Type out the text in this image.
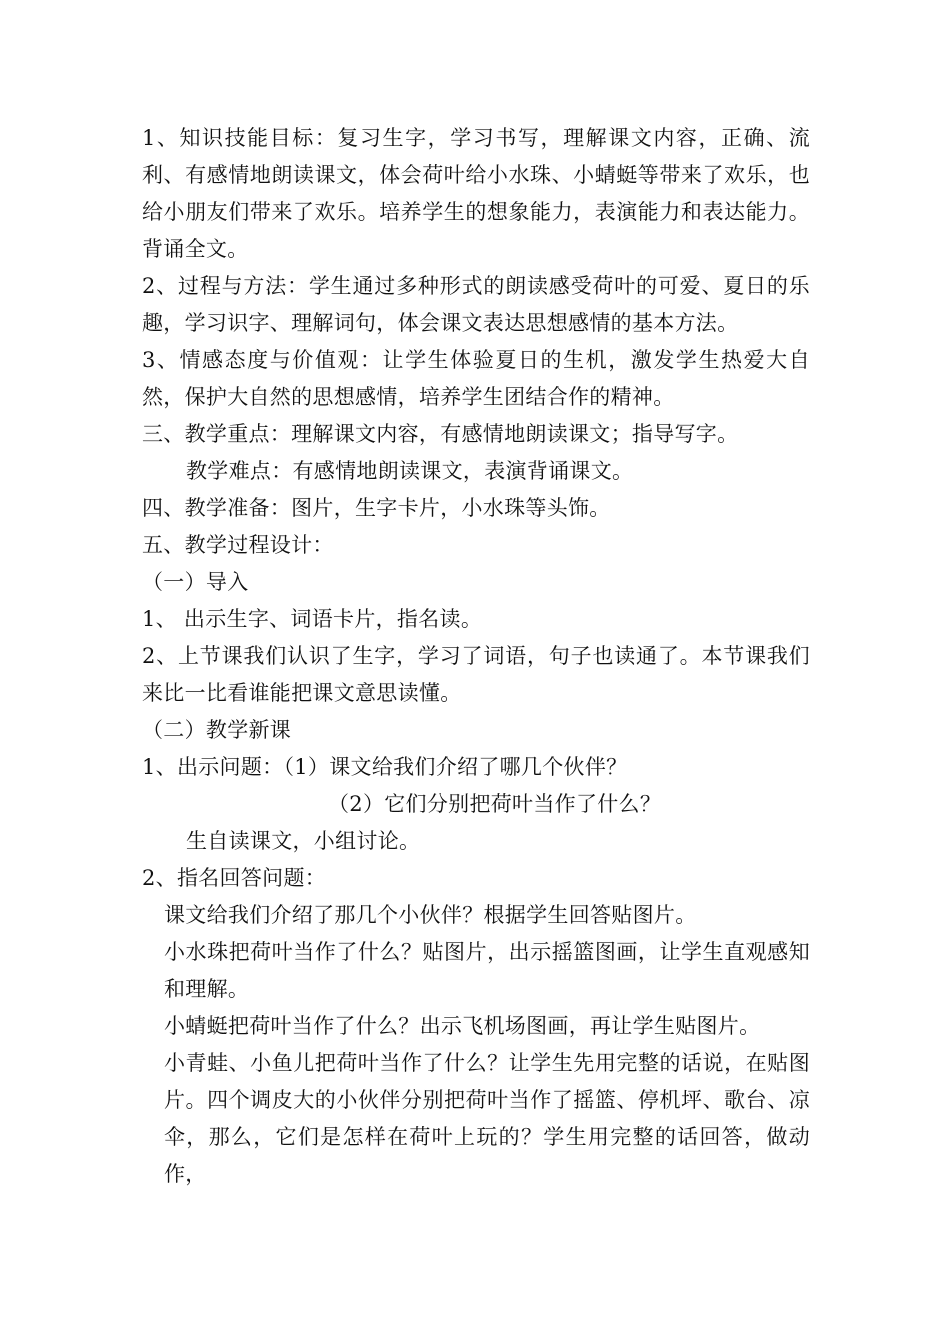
1、知识技能目标：复习生字，学习书写，理解课文内容，正确、流利、有感情地朗读课文，体会荷叶给小水珠、小蜻蜓等带来了欢乐，也给小朋友们带来了欢乐。培养学生的想象能力，表演能力和表达能力。背诵全文。

2、过程与方法：学生通过多种形式的朗读感受荷叶的可爱、夏日的乐趣，学习识字、理解词句，体会课文表达思想感情的基本方法。

3、情感态度与价值观：让学生体验夏日的生机，激发学生热爱大自然，保护大自然的思想感情，培养学生团结合作的精神。

三、教学重点：理解课文内容，有感情地朗读课文；指导写字。

教学难点：有感情地朗读课文，表演背诵课文。

四、教学准备：图片，生字卡片，小水珠等头饰。

五、教学过程设计：

（一）导入

1、 出示生字、词语卡片，指名读。

2、上节课我们认识了生字，学习了词语，句子也读通了。本节课我们来比一比看谁能把课文意思读懂。

（二）教学新课

1、出示问题：（1）课文给我们介绍了哪几个伙伴？

（2）它们分别把荷叶当作了什么？

生自读课文，小组讨论。

2、指名回答问题：

课文给我们介绍了那几个小伙伴？根据学生回答贴图片。

小水珠把荷叶当作了什么？贴图片，出示摇篮图画，让学生直观感知和理解。

小蜻蜓把荷叶当作了什么？出示飞机场图画，再让学生贴图片。

小青蛙、小鱼儿把荷叶当作了什么？让学生先用完整的话说，在贴图片。四个调皮大的小伙伴分别把荷叶当作了摇篮、停机坪、歌台、凉伞，那么，它们是怎样在荷叶上玩的？学生用完整的话回答，做动作，
